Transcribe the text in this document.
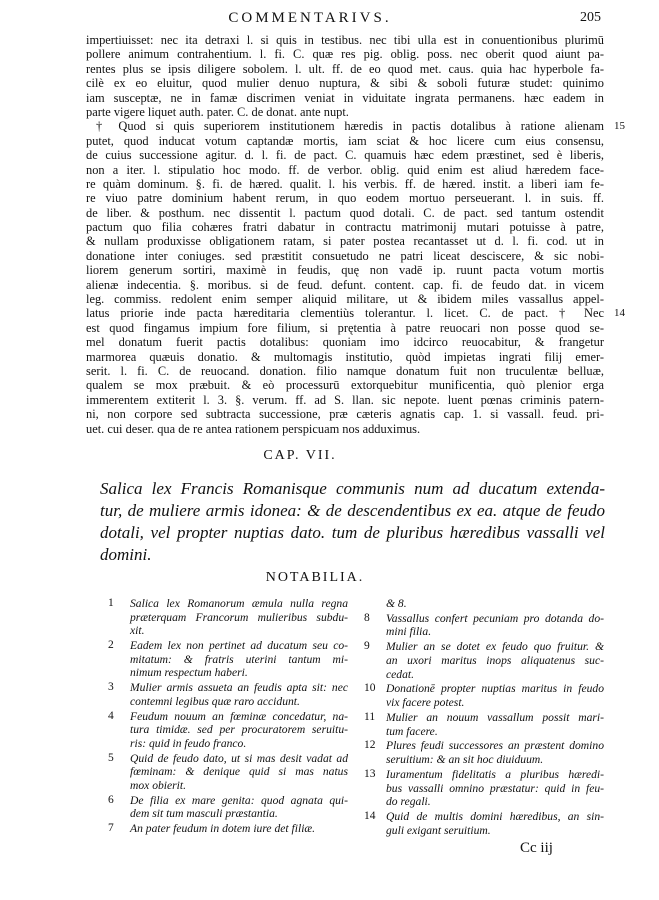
COMMENTARIVS.	205
impertiuisset: nec ita detraxi l. si quis in testibus. nec tibi ulla est in conuentionibus plurimū
pollere animum contrahentium. l. fi. C. quæ res pig. oblig. poss. nec oberit quod aiunt pa-
rentes plus se ipsis diligere sobolem. l. ult. ff. de eo quod met. caus. quia hac hyperbole fa-
cilè ex eo eluitur, quod mulier denuo nuptura, & sibi & soboli futuræ studet: quinimo
iam susceptæ, ne in famæ discrimen veniat in viduitate ingrata permanens. hæc eadem in
parte vigere liquet auth. pater. C. de donat. ante nupt.
† Quod si quis superiorem institutionem hæredis in pactis dotalibus à ratione alienam 15
putet, quod inducat votum captandæ mortis, iam sciat & hoc licere cum eius consensu,
de cuius successione agitur. d. l. fi. de pact. C. quamuis hæc edem præstinet, sed è liberis,
non a iter. l. stipulatio hoc modo. ff. de verbor. oblig. quid enim est aliud hæredem face-
re quàm dominum. §. fi. de hæred. qualit. l. his verbis. ff. de hæred. instit. a liberi iam fe-
re viuo patre dominium habent rerum, in quo eodem mortuo perseuerant. l. in suis. ff.
de liber. & posthum. nec dissentit l. pactum quod dotali. C. de pact. sed tantum ostendit
pactum quo filia cohæres fratri dabatur in contractu matrimonij mutari potuisse à patre,
& nullam produxisse obligationem ratam, si pater postea recantasset ut d. l. fi. cod. ut in
donatione inter coniuges. sed præstitit consuetudo ne patri liceat desciscere, & sic nobi-
liorem generum sortiri, maximè in feudis, quę non vadē ip. ruunt pacta votum mortis
alienæ indecentia. §. moribus. si de feud. defunt. content. cap. fi. de feudo dat. in vicem
leg. commiss. redolent enim semper aliquid militare, ut & ibidem miles vassallus appel-
latus priorie inde pacta hæreditaria clementiùs tolerantur. l. licet. C. de pact. † Nec 14
est quod fingamus impium fore filium, si prętentia à patre reuocari non posse quod se-
mel donatum fuerit pactis dotalibus: quoniam imo idcirco reuocabitur, & frangetur
marmorea quæuis donatio. & multomagis institutio, quòd impietas ingrati filij emer-
serit. l. fi. C. de reuocand. donation. filio namque donatum fuit non truculentæ belluæ,
qualem se mox præbuit. & eò processurū extorquebitur munificentia, quò plenior erga
immerentem extiterit l. 3. §. verum. ff. ad S. llan. sic nepote. luent pœnas criminis patern-
ni, non corpore sed subtracta successione, præ cæteris agnatis cap. 1. si vassall. feud. pri-
uet. cui deser. qua de re antea rationem perspicuam nos adduximus.
CAP. VII.
Salica lex Francis Romanisque communis num ad ducatum extenda-
tur, de muliere armis idonea: & de descendentibus ex ea. atque de feudo
dotali, vel propter nuptias dato. tum de pluribus hæredibus vassalli vel
domini.
NOTABILIA.
1 Salica lex Romanorum æmula nulla regna
præterquam Francorum mulieribus subdu-
xit.
2 Eadem lex non pertinet ad ducatum seu co-
mitatum: & fratris uterini tantum mi-
nimum respectum haberi.
3 Mulier armis assueta an feudis apta sit: nec
contemni legibus quæ raro accidunt.
4 Feudum nouum an fœminæ concedatur, na-
tura timidæ. sed per procuratorem seruitu-
ris: quid in feudo franco.
5 Quid de feudo dato, ut si mas desit vadat ad
fœminam: & denique quid si mas natus
mox obierit.
6 De filia ex mare genita: quod agnata qui-
dem sit tum masculi præstantia.
7 An pater feudum in dotem iure det filiæ.
& 8.
8 Vassallus confert pecuniam pro dotanda do-
mini filia.
9 Mulier an se dotet ex feudo quo fruitur. &
an uxori maritus inops aliquatenus suc-
cedat.
10 Donationē propter nuptias maritus in feudo
vix facere potest.
11 Mulier an nouum vassallum possit mari-
tum facere.
12 Plures feudi successores an præstent domino
seruitium: & an sit hoc diuiduum.
13 Iuramentum fidelitatis a pluribus hæredi-
bus vassalli omnino præstatur: quid in feu-
do regali.
14 Quid de multis domini hæredibus, an sin-
guli exigant seruitium.
Cc iij
